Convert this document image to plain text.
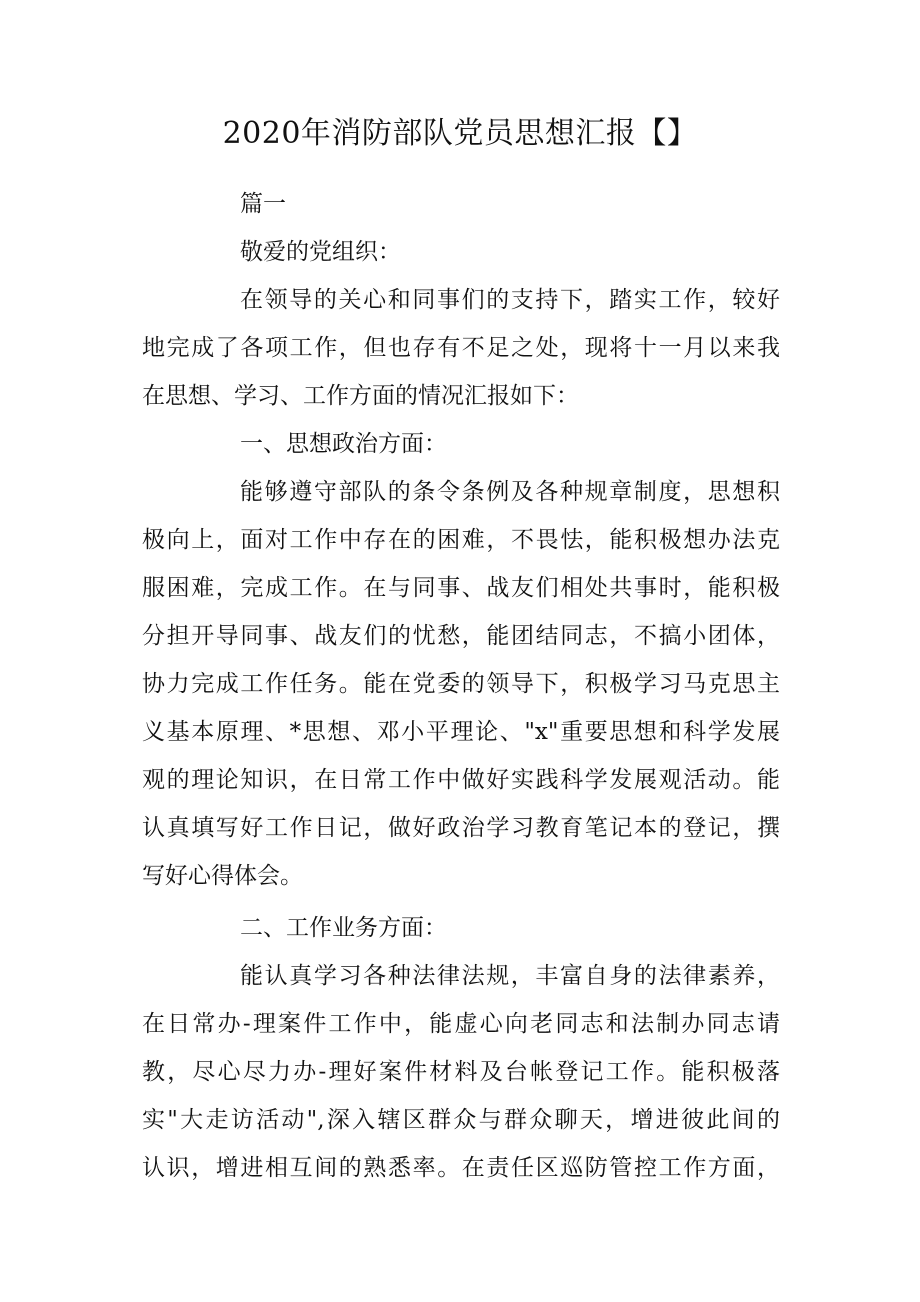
2020年消防部队党员思想汇报【】
篇一
敬爱的党组织：
在领导的关心和同事们的支持下，踏实工作，较好
地完成了各项工作，但也存有不足之处，现将十一月以来我
在思想、学习、工作方面的情况汇报如下：
一、思想政治方面：
能够遵守部队的条令条例及各种规章制度，思想积
极向上，面对工作中存在的困难，不畏怯，能积极想办法克
服困难，完成工作。在与同事、战友们相处共事时，能积极
分担开导同事、战友们的忧愁，能团结同志，不搞小团体，
协力完成工作任务。能在党委的领导下，积极学习马克思主
义基本原理、*思想、邓小平理论、"x"重要思想和科学发展
观的理论知识，在日常工作中做好实践科学发展观活动。能
认真填写好工作日记，做好政治学习教育笔记本的登记，撰
写好心得体会。
二、工作业务方面：
能认真学习各种法律法规，丰富自身的法律素养，
在日常办-理案件工作中，能虚心向老同志和法制办同志请
教，尽心尽力办-理好案件材料及台帐登记工作。能积极落
实"大走访活动",深入辖区群众与群众聊天，增进彼此间的
认识，增进相互间的熟悉率。在责任区巡防管控工作方面，
